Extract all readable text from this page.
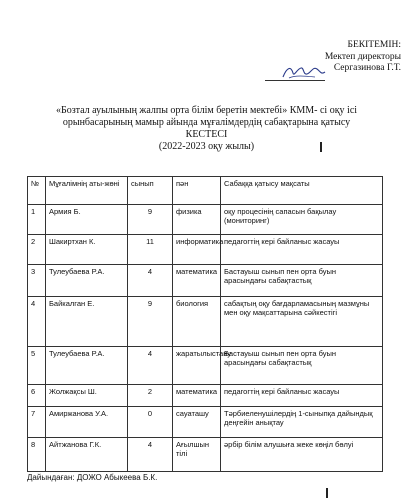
БЕКІТЕМІН:
Мектеп директоры
Сергазинова Г.Т.
«Бозтал ауылының жалпы орта білім беретін мектебі» КММ- сі оқу ісі
орынбасарының мамыр айында мұғалімдердің сабақтарына қатысу
КЕСТЕСІ
(2022-2023 оқу жылы)
№	Мұғалімнің аты-жөні	сынып	пән	Сабаққа қатысу мақсаты
1	Армия Б.	9	физика	оқу процесінің сапасын бақылау (мониторинг)
2	Шакиртхан К.	11	информатика	педагогтің кері байланыс жасауы
3	Тулеубаева Р.А.	4	математика	Бастауыш сынып пен орта буын арасындағы сабақтастық
4	Байкалган Е.	9	биология	сабақтың оқу бағдарламасының мазмұны мен оқу мақсаттарына сәйкестігі
5	Тулеубаева Р.А.	4	жаратылыстану	Бастауыш сынып пен орта буын арасындағы сабақтастық
6	Жолжақсы Ш.	2	математика	педагогтің кері байланыс жасауы
7	Амиржанова У.А.	0	сауаташу	Тәрбиеленушілердің 1-сыныпқа дайындық деңгейін анықтау
8	Айтжанова Г.К.	4	Ағылшын тілі	әрбір білім алушыға жеке көңіл бөлуі
Дайындаған: ДОЖО Абыкеева Б.К.
